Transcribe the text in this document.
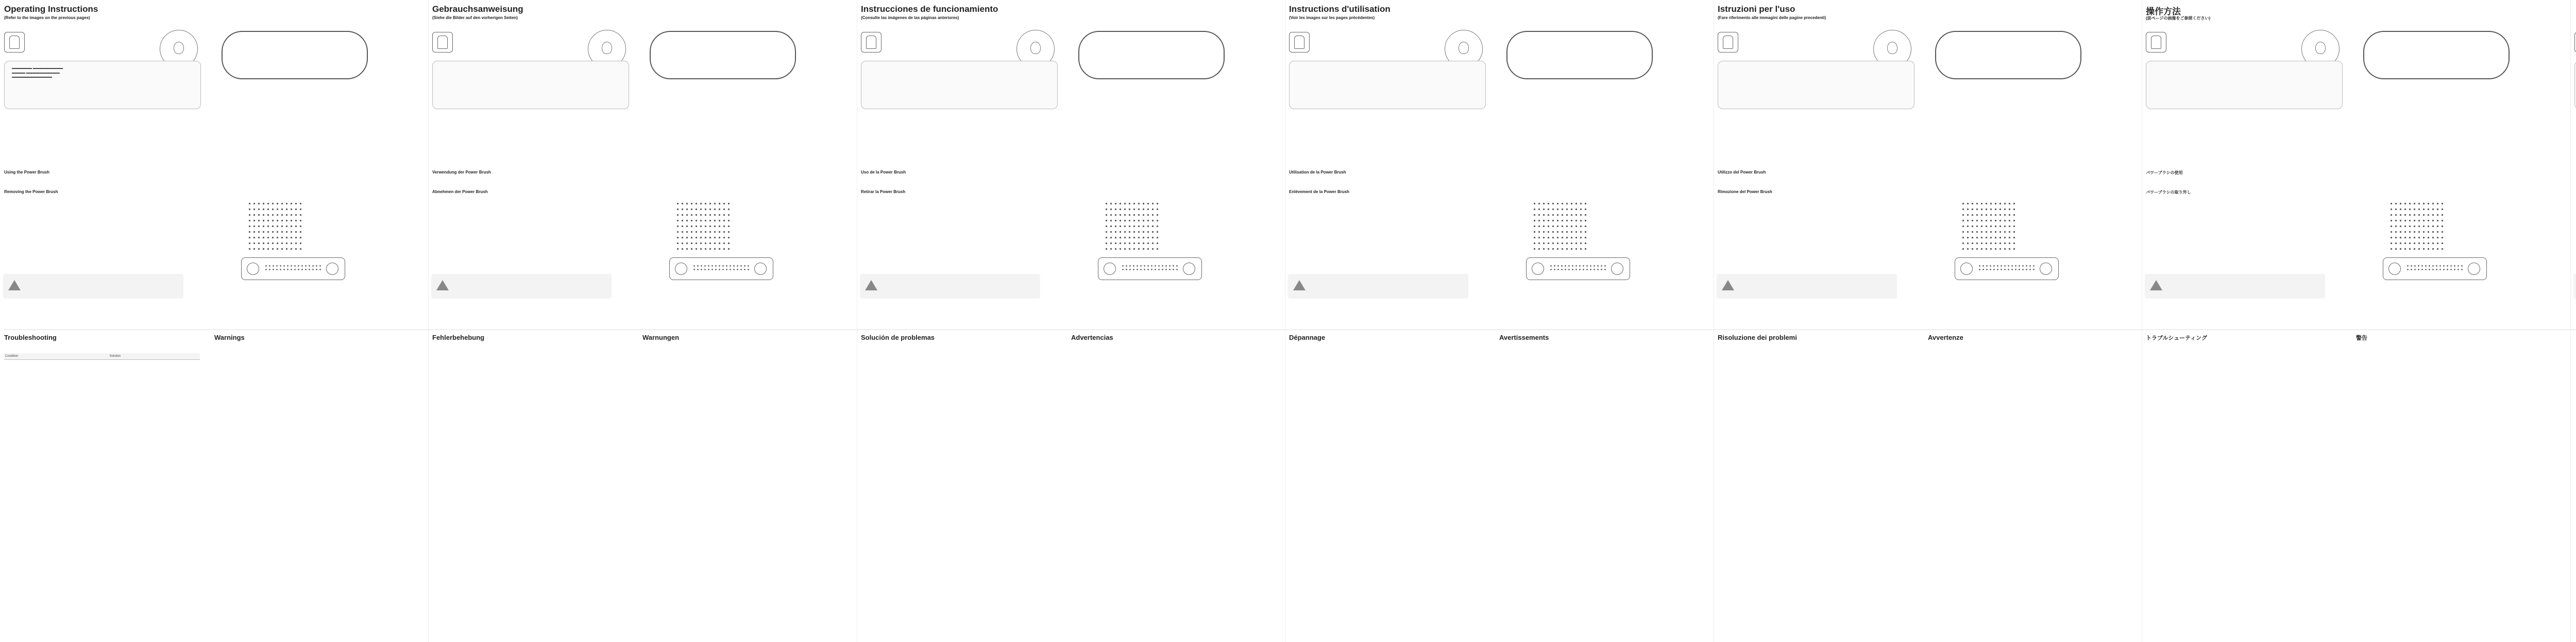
Operating Instructions
(Refer to the images on the previous pages)
▬▬▬▬▬▬ ▬▬▬▬▬▬▬▬▬
▬▬▬▬ ▬▬▬▬▬▬▬▬▬▬
▬▬▬▬▬▬▬▬▬▬▬▬
Using the Power Brush
Removing the Power Brush
Troubleshooting	Warnings
Gebrauchsanweisung
(Siehe die Bilder auf den vorherigen Seiten)
Verwendung der Power Brush
Abnehmen der Power Brush
Fehlerbehebung	Warnungen
Instrucciones de funcionamiento
(Consulte las imágenes de las páginas anteriores)
Uso de la Power Brush
Retirar la Power Brush
Solución de problemas	Advertencias
Instructions d'utilisation
(Voir les images sur les pages précédentes)
Utilisation de la Power Brush
Enlèvement de la Power Brush
Dépannage	Avertissements
Istruzioni per l'uso
(Fare riferimento alle immagini delle pagine precedenti)
Utilizzo del Power Brush
Rimozione del Power Brush
Risoluzione dei problemi	Avvertenze
操作方法
(前ページの画像をご参照ください)
パワーブラシの使用
パワーブラシの取り外し
トラブルシューティング	警告
Condition	Solution
